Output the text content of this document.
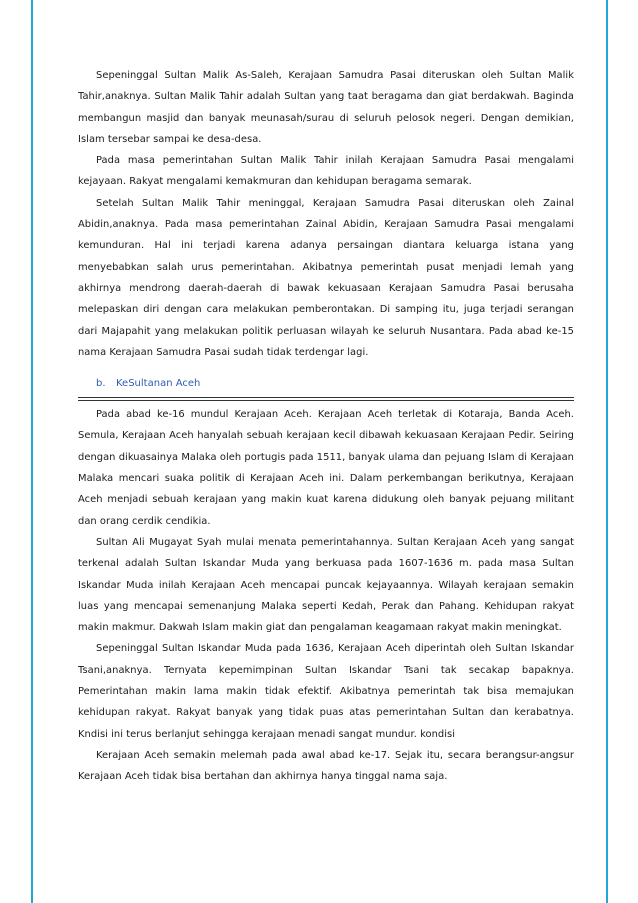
Sepeninggal Sultan Malik As-Saleh, Kerajaan Samudra Pasai diteruskan oleh Sultan Malik Tahir,anaknya. Sultan Malik Tahir adalah Sultan yang taat beragama dan giat berdakwah. Baginda membangun masjid dan banyak meunasah/surau di seluruh pelosok negeri. Dengan demikian, Islam tersebar sampai ke desa-desa.

Pada masa pemerintahan Sultan Malik Tahir inilah Kerajaan Samudra Pasai mengalami kejayaan. Rakyat mengalami kemakmuran dan kehidupan beragama semarak.

Setelah Sultan Malik Tahir meninggal, Kerajaan Samudra Pasai diteruskan oleh Zainal Abidin,anaknya. Pada masa pemerintahan Zainal Abidin, Kerajaan Samudra Pasai mengalami kemunduran. Hal ini terjadi karena adanya persaingan diantara keluarga istana yang menyebabkan salah urus pemerintahan. Akibatnya pemerintah pusat menjadi lemah yang akhirnya mendrong daerah-daerah di bawak kekuasaan Kerajaan Samudra Pasai berusaha melepaskan diri dengan cara melakukan pemberontakan. Di samping itu, juga terjadi serangan dari Majapahit yang melakukan politik perluasan wilayah ke seluruh Nusantara. Pada abad ke-15 nama Kerajaan Samudra Pasai sudah tidak terdengar lagi.

b. KeSultanan Aceh

Pada abad ke-16 mundul Kerajaan Aceh. Kerajaan Aceh terletak di Kotaraja, Banda Aceh. Semula, Kerajaan Aceh hanyalah sebuah kerajaan kecil dibawah kekuasaan Kerajaan Pedir. Seiring dengan dikuasainya Malaka oleh portugis pada 1511, banyak ulama dan pejuang Islam di Kerajaan Malaka mencari suaka politik di Kerajaan Aceh ini. Dalam perkembangan berikutnya, Kerajaan Aceh menjadi sebuah kerajaan yang makin kuat karena didukung oleh banyak pejuang militant dan orang cerdik cendikia.

Sultan Ali Mugayat Syah mulai menata pemerintahannya. Sultan Kerajaan Aceh yang sangat terkenal adalah Sultan Iskandar Muda yang berkuasa pada 1607-1636 m. pada masa Sultan Iskandar Muda inilah Kerajaan Aceh mencapai puncak kejayaannya. Wilayah kerajaan semakin luas yang mencapai semenanjung Malaka seperti Kedah, Perak dan Pahang. Kehidupan rakyat makin makmur. Dakwah Islam makin giat dan pengalaman keagamaan rakyat makin meningkat.

Sepeninggal Sultan Iskandar Muda pada 1636, Kerajaan Aceh diperintah oleh Sultan Iskandar Tsani,anaknya. Ternyata kepemimpinan Sultan Iskandar Tsani tak secakap bapaknya. Pemerintahan makin lama makin tidak efektif. Akibatnya pemerintah tak bisa memajukan kehidupan rakyat. Rakyat banyak yang tidak puas atas pemerintahan Sultan dan kerabatnya. Kndisi ini terus berlanjut sehingga kerajaan menadi sangat mundur. kondisi

Kerajaan Aceh semakin melemah pada awal abad ke-17. Sejak itu, secara berangsur-angsur Kerajaan Aceh tidak bisa bertahan dan akhirnya hanya tinggal nama saja.
